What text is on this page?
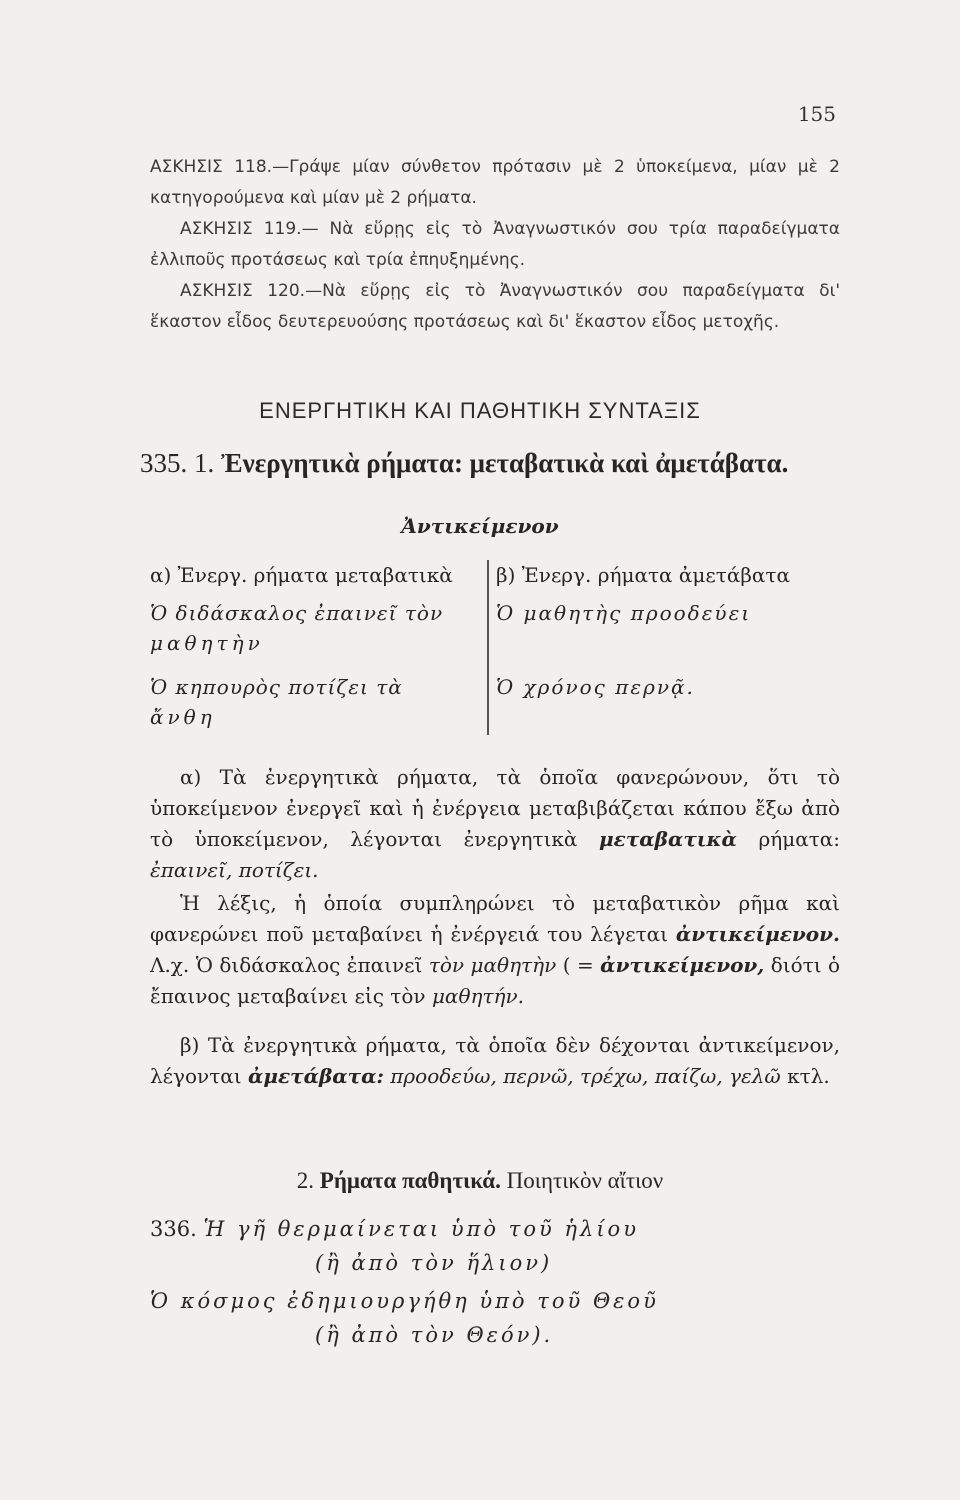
155

ΑΣΚΗΣΙΣ 118.—Γράψε μίαν σύνθετον πρότασιν μὲ 2 ὑποκείμενα, μίαν μὲ 2 κατηγορούμενα καὶ μίαν μὲ 2 ρήματα.

ΑΣΚΗΣΙΣ 119.— Νὰ εὕρῃς εἰς τὸ Ἀναγνωστικόν σου τρία παραδείγματα ἐλλιποῦς προτάσεως καὶ τρία ἐπηυξημένης.

ΑΣΚΗΣΙΣ 120.—Νὰ εὕρῃς εἰς τὸ Ἀναγνωστικόν σου παραδείγματα δι' ἕκαστον εἶδος δευτερευούσης προτάσεως καὶ δι' ἕκαστον εἶδος μετοχῆς.

ΕΝΕΡΓΗΤΙΚΗ ΚΑΙ ΠΑΘΗΤΙΚΗ ΣΥΝΤΑΞΙΣ
335. 1. Ἐνεργητικὰ ρήματα: μεταβατικὰ καὶ ἀμετάβατα.
Ἀντικείμενον
α) Ἐνεργ. ρήματα μεταβατικὰ
Ὁ διδάσκαλος ἐπαινεῖ τὸν
μαθητὴν
Ὁ κηπουρὸς ποτίζει τὰ
ἄνθη
β) Ἐνεργ. ρήματα ἀμετάβατα
Ὁ μαθητὴς προοδεύει
Ὁ χρόνος περνᾷ.

α) Τὰ ἐνεργητικὰ ρήματα, τὰ ὁποῖα φανερώνουν, ὅτι τὸ ὑποκείμενον ἐνεργεῖ καὶ ἡ ἐνέργεια μεταβιβάζεται κάπου ἔξω ἀπὸ τὸ ὑποκείμενον, λέγονται ἐνεργητικὰ μεταβατικὰ ρήματα: ἐπαινεῖ, ποτίζει.

Ἡ λέξις, ἡ ὁποία συμπληρώνει τὸ μεταβατικὸν ρῆμα καὶ φανερώνει ποῦ μεταβαίνει ἡ ἐνέργειά του λέγεται ἀντικείμενον. Λ.χ. Ὁ διδάσκαλος ἐπαινεῖ τὸν μαθητὴν ( = ἀντικείμενον, διότι ὁ ἔπαινος μεταβαίνει εἰς τὸν μαθητήν.

β) Τὰ ἐνεργητικὰ ρήματα, τὰ ὁποῖα δὲν δέχονται ἀντικείμενον, λέγονται ἀμετάβατα: προοδεύω, περνῶ, τρέχω, παίζω, γελῶ κτλ.

2. Ρήματα παθητικά. Ποιητικὸν αἴτιον
336. Ἡ γῆ θερμαίνεται ὑπὸ τοῦ ἡλίου
(ἢ ἀπὸ τὸν ἥλιον)
Ὁ κόσμος ἐδημιουργήθη ὑπὸ τοῦ Θεοῦ
(ἢ ἀπὸ τὸν Θεόν).
